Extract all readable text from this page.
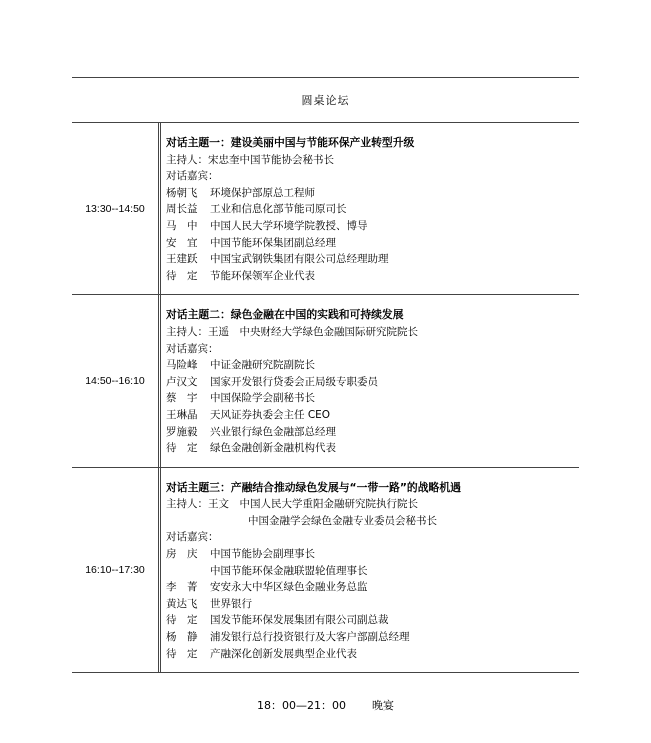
圆桌论坛
13:30--14:50
对话主题一：建设美丽中国与节能环保产业转型升级
主持人：宋忠奎中国节能协会秘书长
对话嘉宾：
杨朝飞 环境保护部原总工程师
周长益 工业和信息化部节能司原司长
马　中 中国人民大学环境学院教授、博导
安　宜 中国节能环保集团副总经理
王建跃 中国宝武钢铁集团有限公司总经理助理
待　定 节能环保领军企业代表
14:50--16:10
对话主题二：绿色金融在中国的实践和可持续发展
主持人：王遥　中央财经大学绿色金融国际研究院院长
对话嘉宾：
马险峰 中证金融研究院副院长
卢汉文 国家开发银行贷委会正局级专职委员
蔡　宇 中国保险学会副秘书长
王琳晶 天风证券执委会主任 CEO
罗施毅 兴业银行绿色金融部总经理
待　定 绿色金融创新金融机构代表
16:10--17:30
对话主题三：产融结合推动绿色发展与“一带一路”的战略机遇
主持人：王文　中国人民大学重阳金融研究院执行院长
中国金融学会绿色金融专业委员会秘书长
对话嘉宾：
房　庆 中国节能协会副理事长
中国节能环保金融联盟轮值理事长
李　菁 安安永大中华区绿色金融业务总监
黄达飞 世界银行
待　定 国发节能环保发展集团有限公司副总裁
杨　静 浦发银行总行投资银行及大客户部副总经理
待　定 产融深化创新发展典型企业代表
18：00—21：00 晚宴
